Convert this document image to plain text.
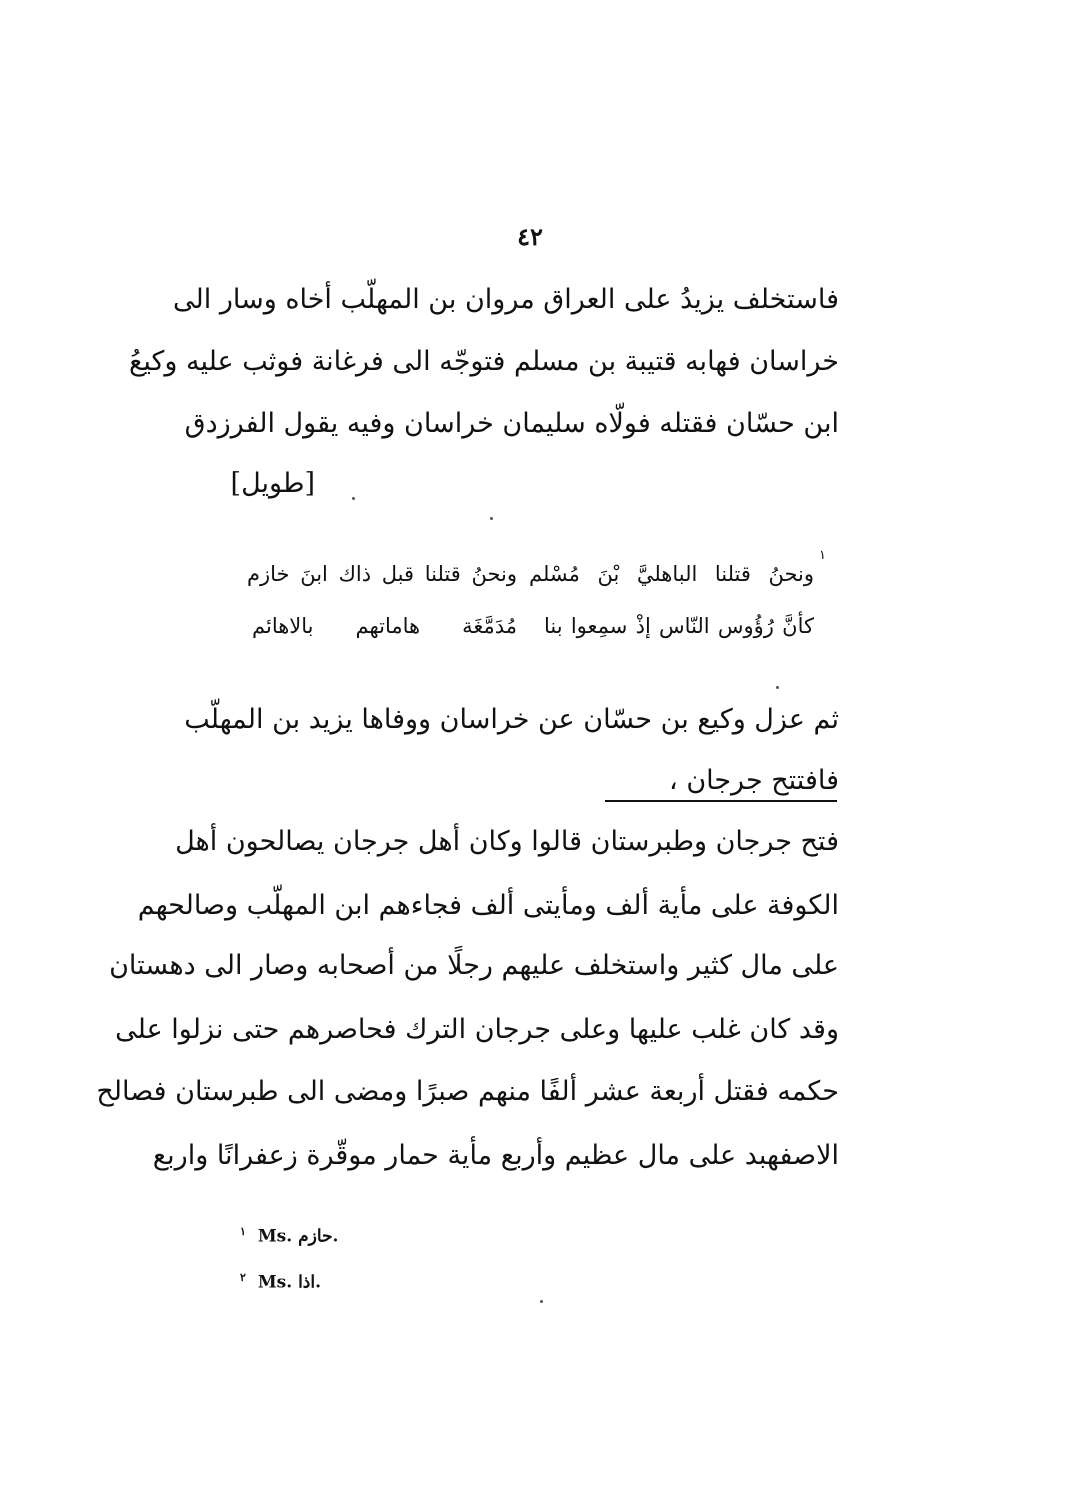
٤٢
فاستخلف يزيدُ على العراق مروان بن المهلّب أخاه وسار الى
خراسان فهابه قتيبة بن مسلم فتوجّه الى فرغانة فوثب عليه وكيعُ
ابن حسّان فقتله فولّاه سليمان خراسان وفيه يقول الفرزدق
[طويل]
١
ونحنُ قتلنا الباهليَّ بْنَ مُسْلم
ونحنُ قتلنا قبل ذاك ابنَ خازم
كأنَّ رُؤُوس النّاس إذْ سمِعوا بنا
مُدَمَّغَة هاماتهم بالاهائم
ثم عزل وكيع بن حسّان عن خراسان ووفاها يزيد بن المهلّب
فافتتح جرجان ،
فتح جرجان وطبرستان قالوا وكان أهل جرجان يصالحون أهل
الكوفة على مأية ألف ومأيتى ألف فجاءهم ابن المهلّب وصالحهم
على مال كثير واستخلف عليهم رجلًا من أصحابه وصار الى دهستان
وقد كان غلب عليها وعلى جرجان الترك فحاصرهم حتى نزلوا على
حكمه فقتل أربعة عشر ألفًا منهم صبرًا ومضى الى طبرستان فصالح
الاصفهبد على مال عظيم وأربع مأية حمار موقّرة زعفرانًا واربع
$^١$ Ms. حازم.
$^٢$ Ms. اذا.
